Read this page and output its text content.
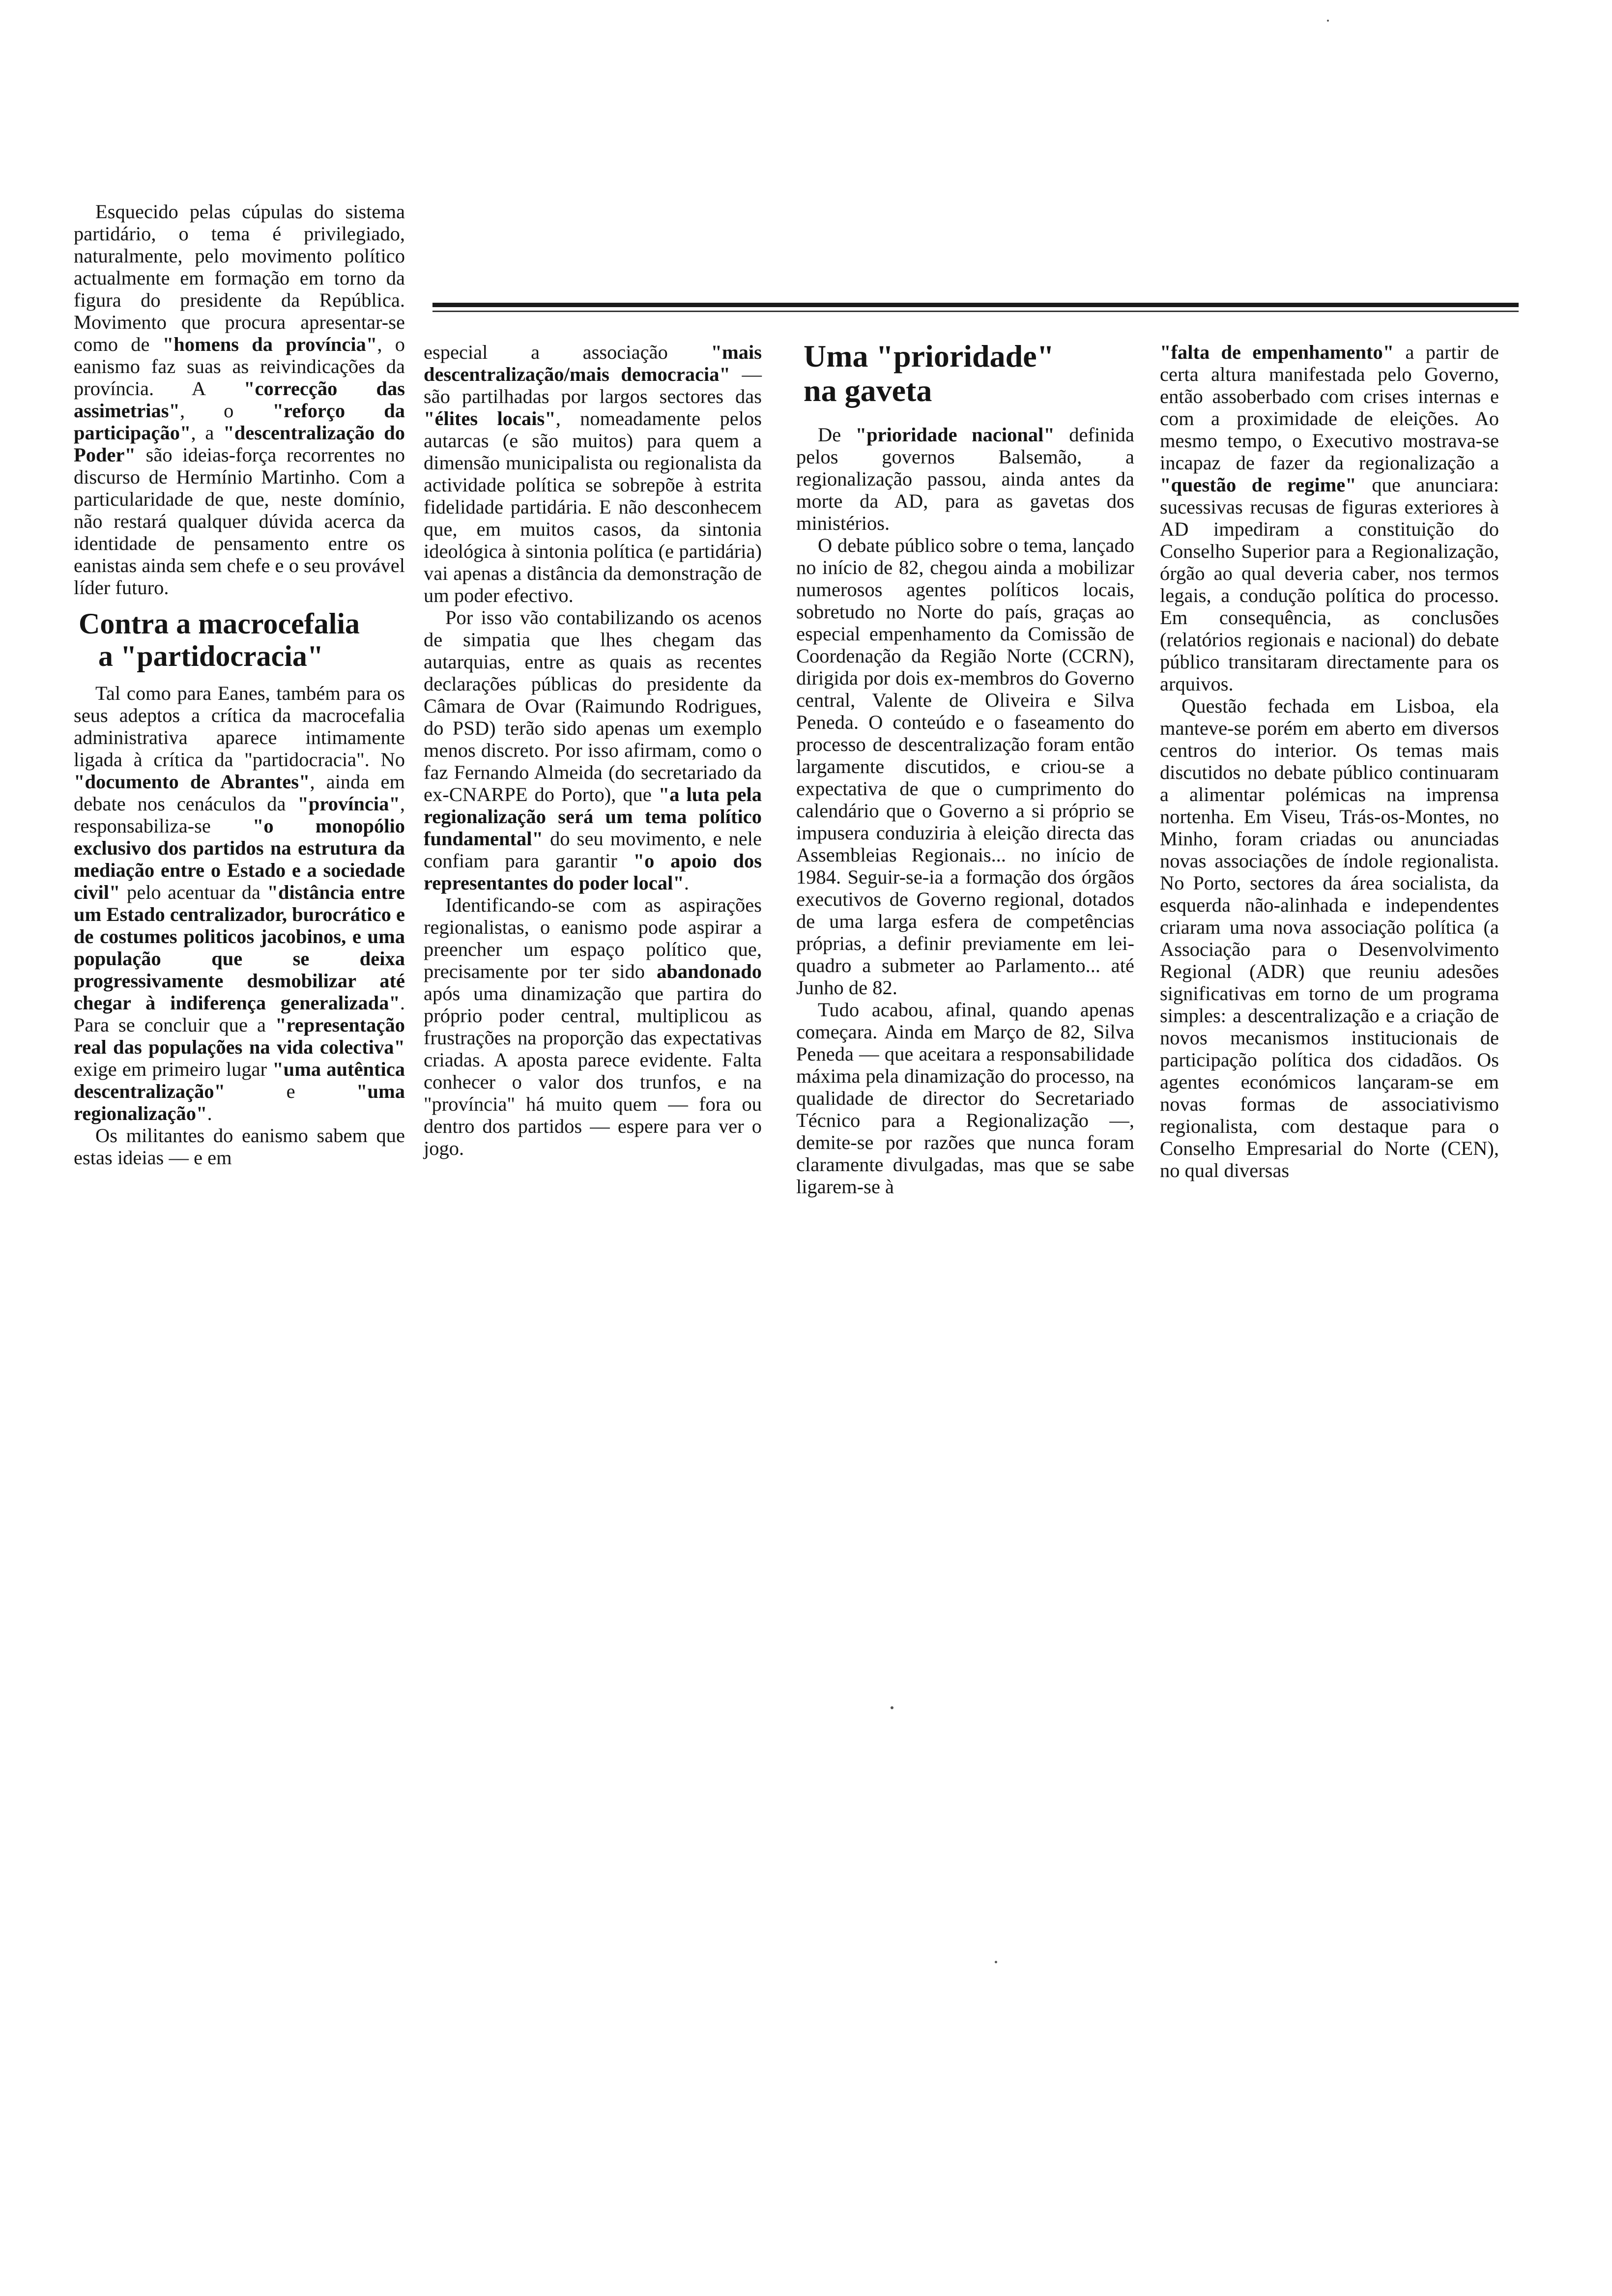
Esquecido pelas cúpulas do sistema partidário, o tema é privilegiado, naturalmente, pelo movimento político actualmente em formação em torno da figura do presidente da República. Movimento que procura apresentar-se como de "homens da província", o eanismo faz suas as reivindicações da província. A "correcção das assimetrias", o "reforço da participação", a "descentralização do Poder" são ideias-força recorrentes no discurso de Hermínio Martinho. Com a particularidade de que, neste domínio, não restará qualquer dúvida acerca da identidade de pensamento entre os eanistas ainda sem chefe e o seu provável líder futuro.

Contra a macrocefalia
a "partidocracia"

Tal como para Eanes, também para os seus adeptos a crítica da macrocefalia administrativa aparece intimamente ligada à crítica da "partidocracia". No "documento de Abrantes", ainda em debate nos cenáculos da "província", responsabiliza-se "o monopólio exclusivo dos partidos na estrutura da mediação entre o Estado e a sociedade civil" pelo acentuar da "distância entre um Estado centralizador, burocrático e de costumes politicos jacobinos, e uma população que se deixa progressivamente desmobilizar até chegar à indiferença generalizada". Para se concluir que a "representação real das populações na vida colectiva" exige em primeiro lugar "uma autêntica descentralização" e "uma regionalização".

Os militantes do eanismo sabem que estas ideias — e em

especial a associação "mais descentralização/mais democracia" — são partilhadas por largos sectores das "élites locais", nomeadamente pelos autarcas (e são muitos) para quem a dimensão municipalista ou regionalista da actividade política se sobrepõe à estrita fidelidade partidária. E não desconhecem que, em muitos casos, da sintonia ideológica à sintonia política (e partidária) vai apenas a distância da demonstração de um poder efectivo.

Por isso vão contabilizando os acenos de simpatia que lhes chegam das autarquias, entre as quais as recentes declarações públicas do presidente da Câmara de Ovar (Raimundo Rodrigues, do PSD) terão sido apenas um exemplo menos discreto. Por isso afirmam, como o faz Fernando Almeida (do secretariado da ex-CNARPE do Porto), que "a luta pela regionalização será um tema político fundamental" do seu movimento, e nele confiam para garantir "o apoio dos representantes do poder local".

Identificando-se com as aspirações regionalistas, o eanismo pode aspirar a preencher um espaço político que, precisamente por ter sido abandonado após uma dinamização que partira do próprio poder central, multiplicou as frustrações na proporção das expectativas criadas. A aposta parece evidente. Falta conhecer o valor dos trunfos, e na "província" há muito quem — fora ou dentro dos partidos — espere para ver o jogo.

Uma "prioridade"
na gaveta

De "prioridade nacional" definida pelos governos Balsemão, a regionalização passou, ainda antes da morte da AD, para as gavetas dos ministérios.

O debate público sobre o tema, lançado no início de 82, chegou ainda a mobilizar numerosos agentes políticos locais, sobretudo no Norte do país, graças ao especial empenhamento da Comissão de Coordenação da Região Norte (CCRN), dirigida por dois ex-membros do Governo central, Valente de Oliveira e Silva Peneda. O conteúdo e o faseamento do processo de descentralização foram então largamente discutidos, e criou-se a expectativa de que o cumprimento do calendário que o Governo a si próprio se impusera conduziria à eleição directa das Assembleias Regionais... no início de 1984. Seguir-se-ia a formação dos órgãos executivos de Governo regional, dotados de uma larga esfera de competências próprias, a definir previamente em lei-quadro a submeter ao Parlamento... até Junho de 82.

Tudo acabou, afinal, quando apenas começara. Ainda em Março de 82, Silva Peneda — que aceitara a responsabilidade máxima pela dinamização do processo, na qualidade de director do Secretariado Técnico para a Regionalização —, demite-se por razões que nunca foram claramente divulgadas, mas que se sabe ligarem-se à

"falta de empenhamento" a partir de certa altura manifestada pelo Governo, então assoberbado com crises internas e com a proximidade de eleições. Ao mesmo tempo, o Executivo mostrava-se incapaz de fazer da regionalização a "questão de regime" que anunciara: sucessivas recusas de figuras exteriores à AD impediram a constituição do Conselho Superior para a Regionalização, órgão ao qual deveria caber, nos termos legais, a condução política do processo. Em consequência, as conclusões (relatórios regionais e nacional) do debate público transitaram directamente para os arquivos.

Questão fechada em Lisboa, ela manteve-se porém em aberto em diversos centros do interior. Os temas mais discutidos no debate público continuaram a alimentar polémicas na imprensa nortenha. Em Viseu, Trás-os-Montes, no Minho, foram criadas ou anunciadas novas associações de índole regionalista. No Porto, sectores da área socialista, da esquerda não-alinhada e independentes criaram uma nova associação política (a Associação para o Desenvolvimento Regional (ADR) que reuniu adesões significativas em torno de um programa simples: a descentralização e a criação de novos mecanismos institucionais de participação política dos cidadãos. Os agentes económicos lançaram-se em novas formas de associativismo regionalista, com destaque para o Conselho Empresarial do Norte (CEN), no qual diversas
